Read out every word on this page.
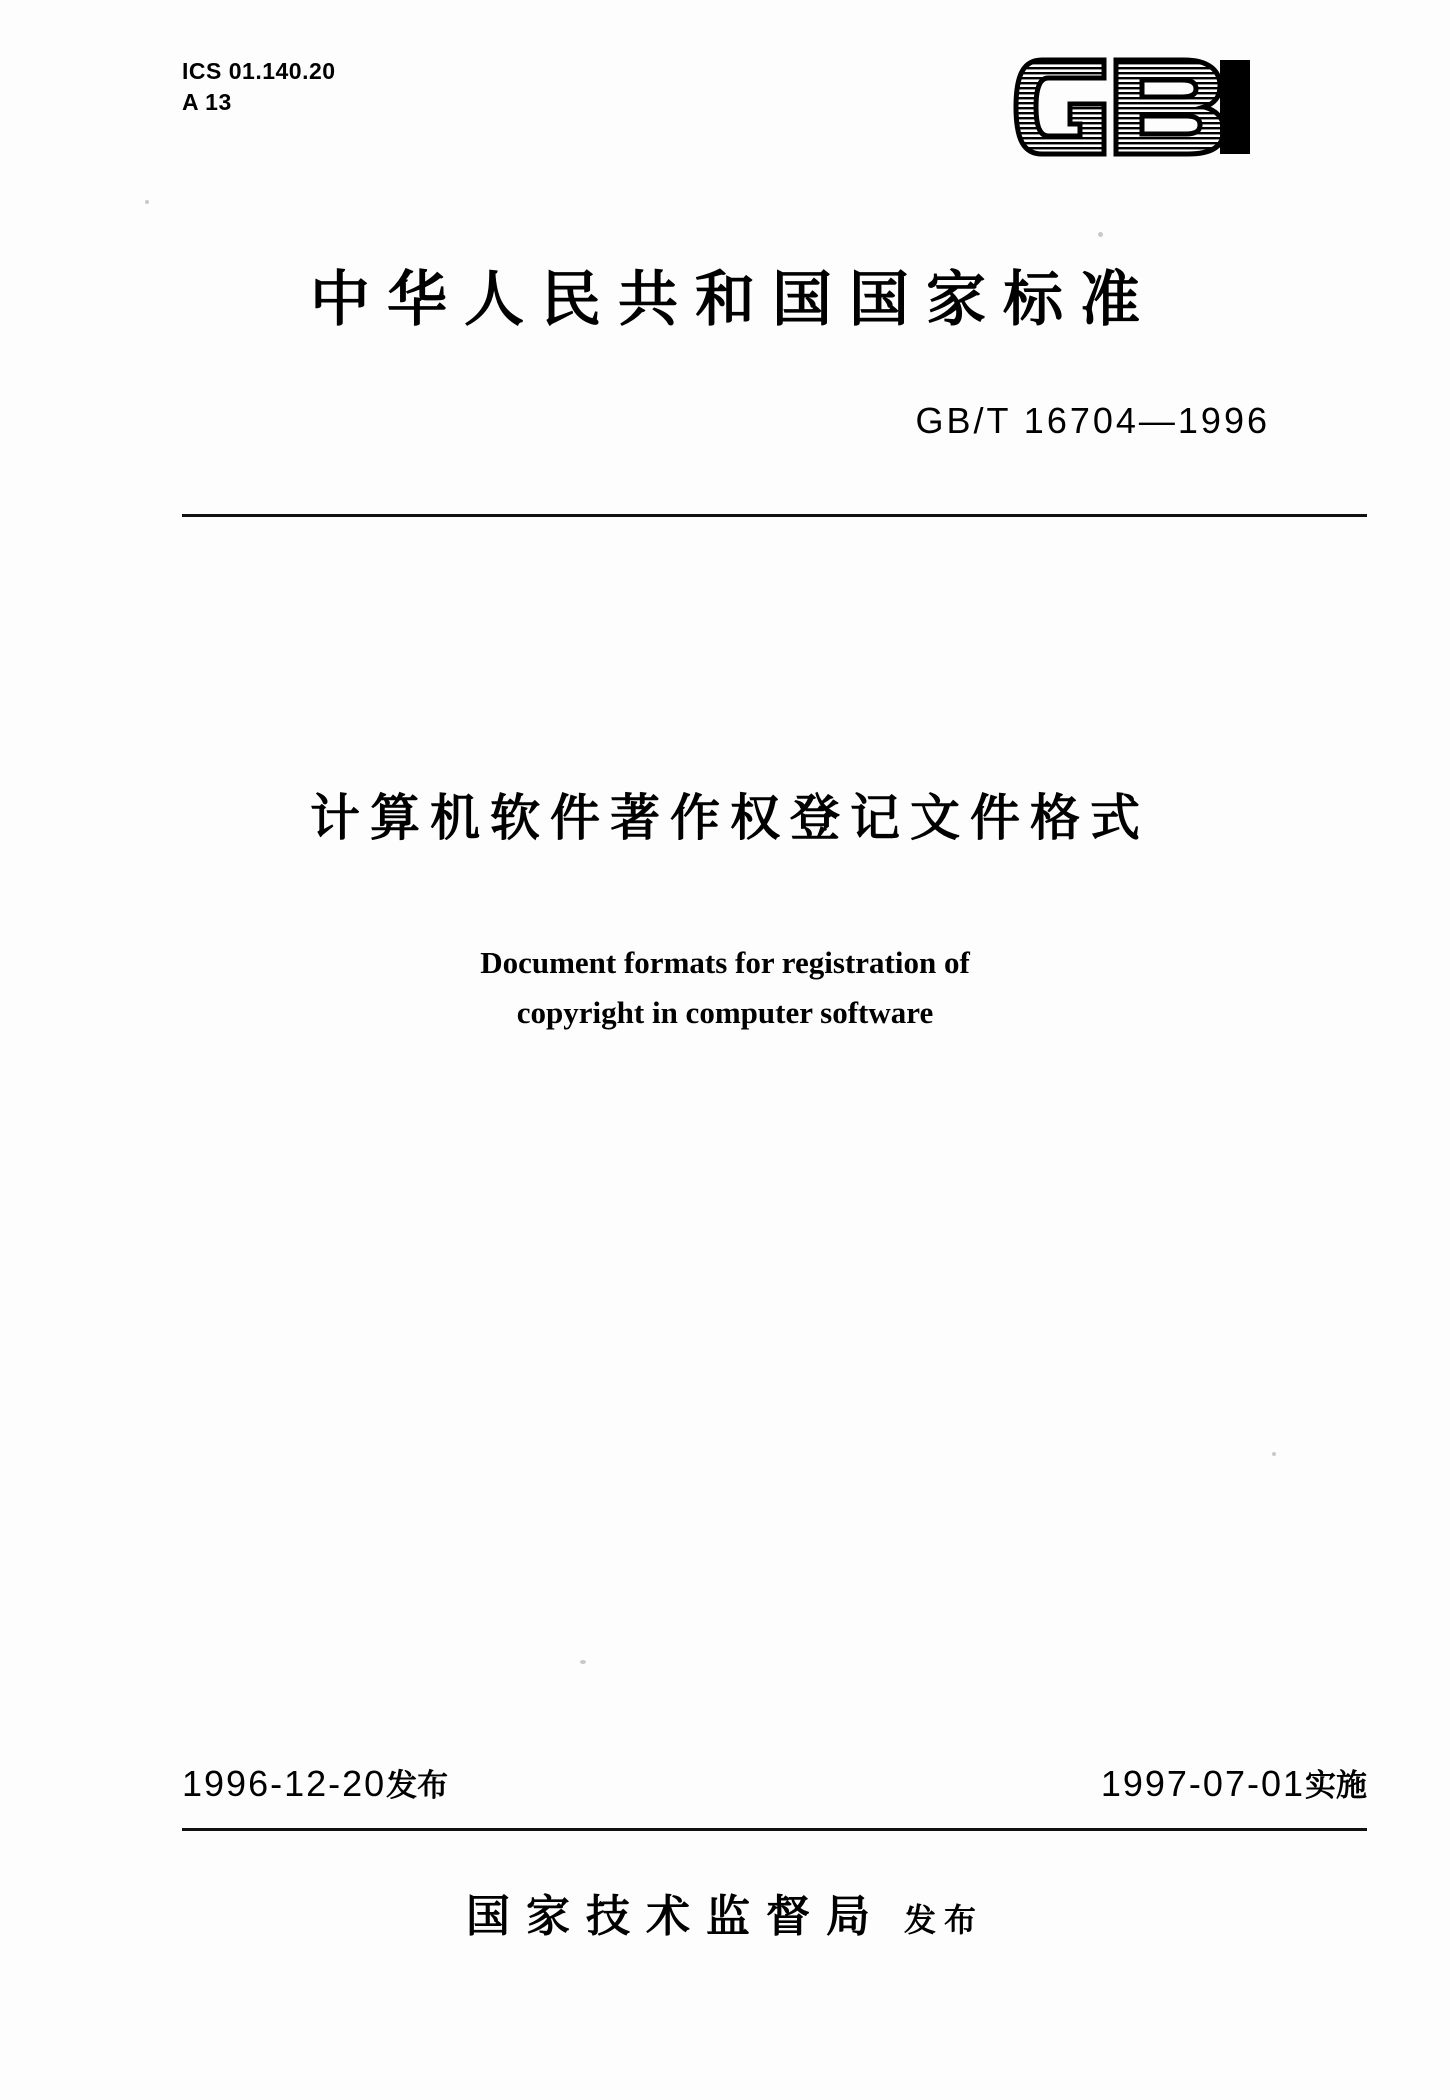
ICS 01.140.20
A 13
中华人民共和国国家标准
GB/T 16704—1996
计算机软件著作权登记文件格式
Document formats for registration of
copyright in computer software
1996-12-20发布	1997-07-01实施
国家技术监督局 发布
